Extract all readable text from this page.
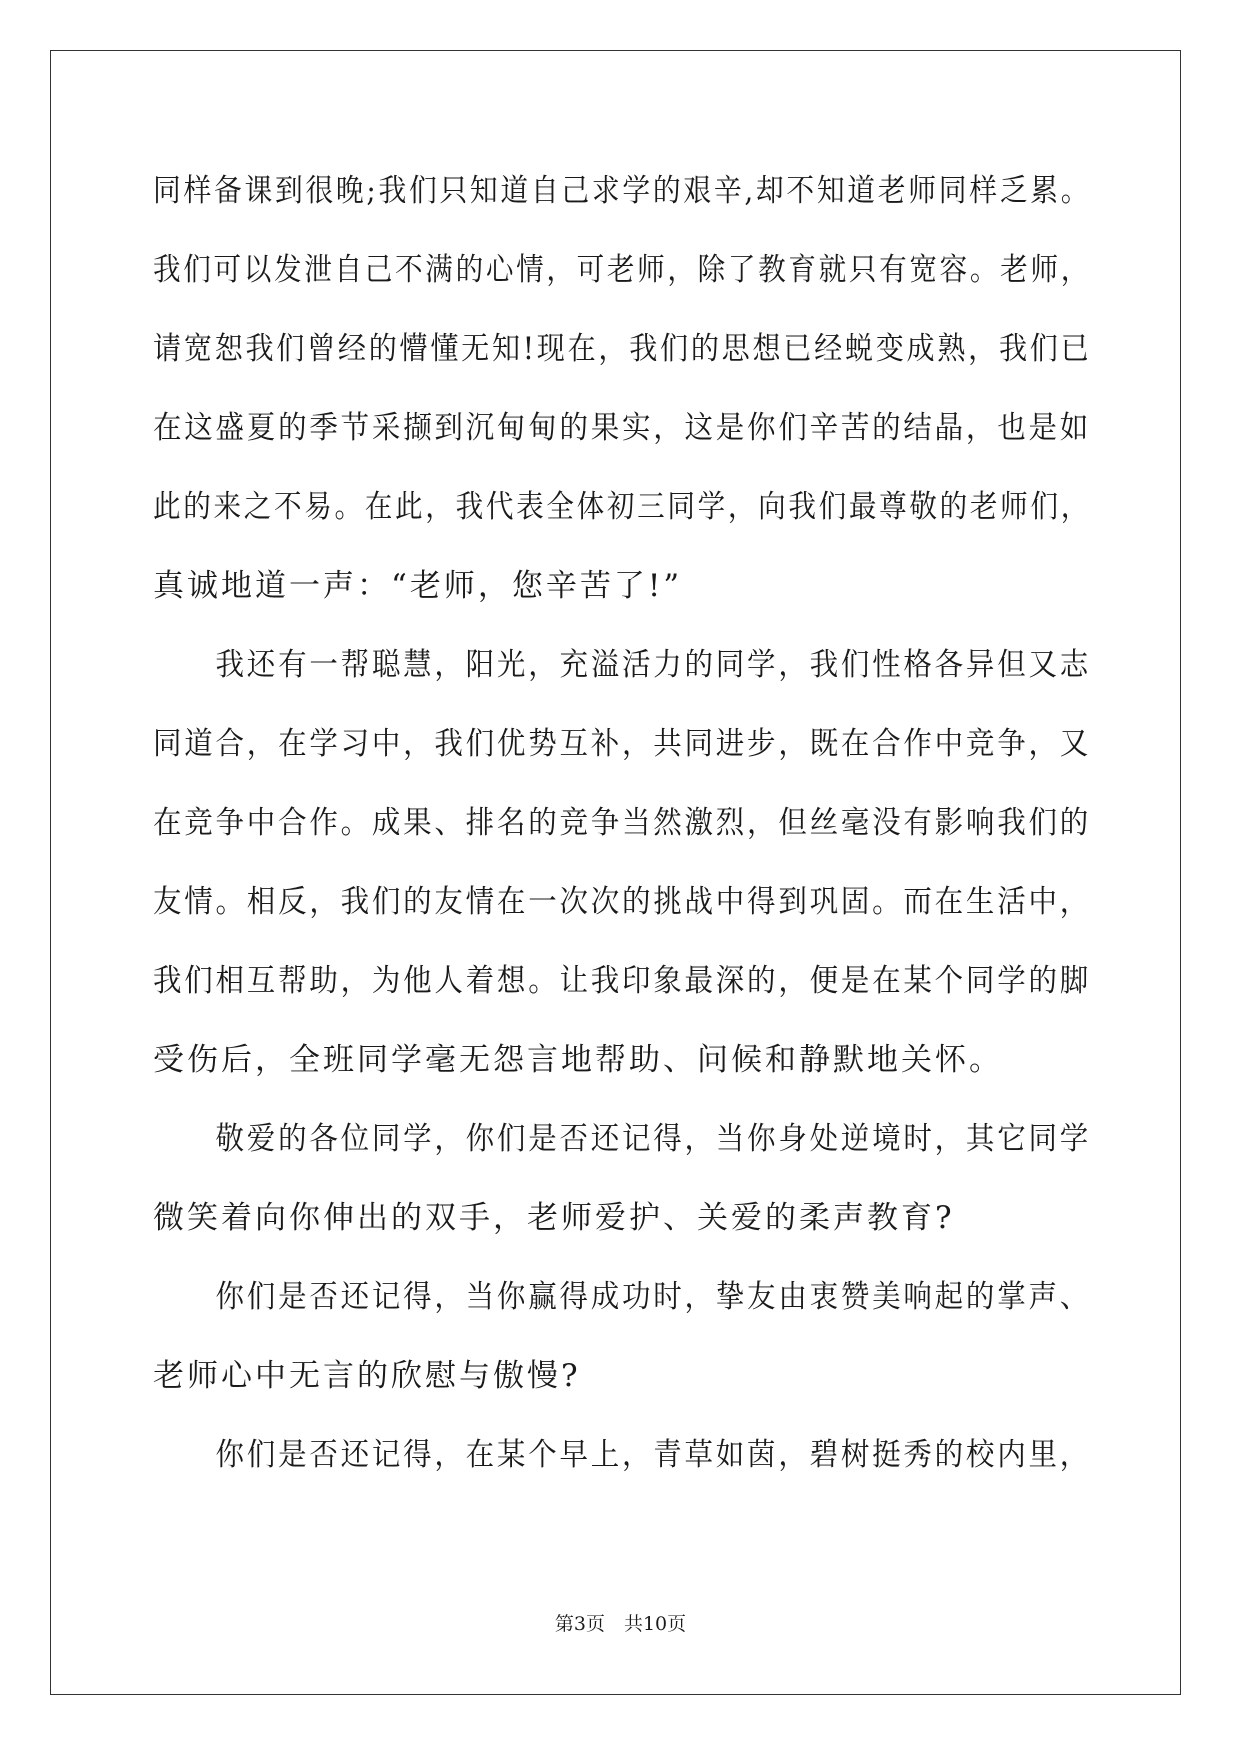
同样备课到很晚;我们只知道自己求学的艰辛,却不知道老师同样乏累。
我们可以发泄自己不满的心情，可老师，除了教育就只有宽容。老师，
请宽恕我们曾经的懵懂无知!现在，我们的思想已经蜕变成熟，我们已
在这盛夏的季节采撷到沉甸甸的果实，这是你们辛苦的结晶，也是如
此的来之不易。在此，我代表全体初三同学，向我们最尊敬的老师们，
真诚地道一声：“老师，您辛苦了!”
　　我还有一帮聪慧，阳光，充溢活力的同学，我们性格各异但又志
同道合，在学习中，我们优势互补，共同进步，既在合作中竞争，又
在竞争中合作。成果、排名的竞争当然激烈，但丝毫没有影响我们的
友情。相反，我们的友情在一次次的挑战中得到巩固。而在生活中，
我们相互帮助，为他人着想。让我印象最深的，便是在某个同学的脚
受伤后，全班同学毫无怨言地帮助、问候和静默地关怀。
　　敬爱的各位同学，你们是否还记得，当你身处逆境时，其它同学
微笑着向你伸出的双手，老师爱护、关爱的柔声教育?
　　你们是否还记得，当你赢得成功时，挚友由衷赞美响起的掌声、
老师心中无言的欣慰与傲慢?
　　你们是否还记得，在某个早上，青草如茵，碧树挺秀的校内里，
第3页　共10页
